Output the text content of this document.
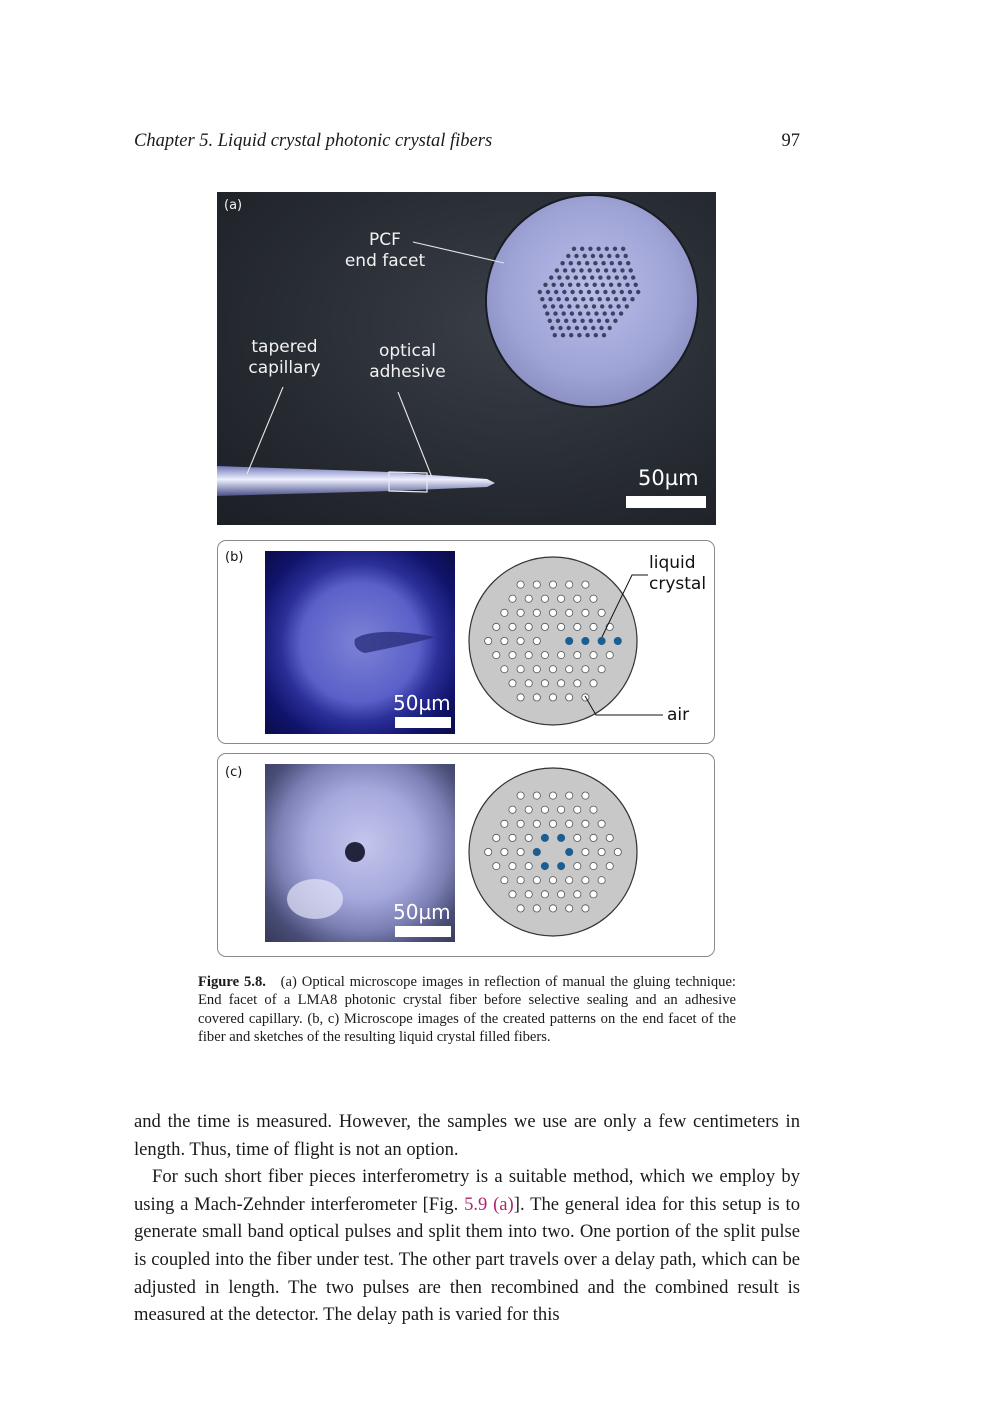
Chapter 5. Liquid crystal photonic crystal fibers	97
(a)
PCF
end facet
tapered
capillary
optical
adhesive
50µm
(b)
50µm
liquid
crystal
air
(c)
50µm
Figure 5.8. (a) Optical microscope images in reflection of manual the gluing technique: End facet of a LMA8 photonic crystal fiber before selective sealing and an adhesive covered capillary. (b, c) Microscope images of the created patterns on the end facet of the fiber and sketches of the resulting liquid crystal filled fibers.

and the time is measured. However, the samples we use are only a few centimeters in length. Thus, time of flight is not an option.

For such short fiber pieces interferometry is a suitable method, which we employ by using a Mach-Zehnder interferometer [Fig. 5.9 (a)]. The general idea for this setup is to generate small band optical pulses and split them into two. One portion of the split pulse is coupled into the fiber under test. The other part travels over a delay path, which can be adjusted in length. The two pulses are then recombined and the combined result is measured at the detector. The delay path is varied for this
